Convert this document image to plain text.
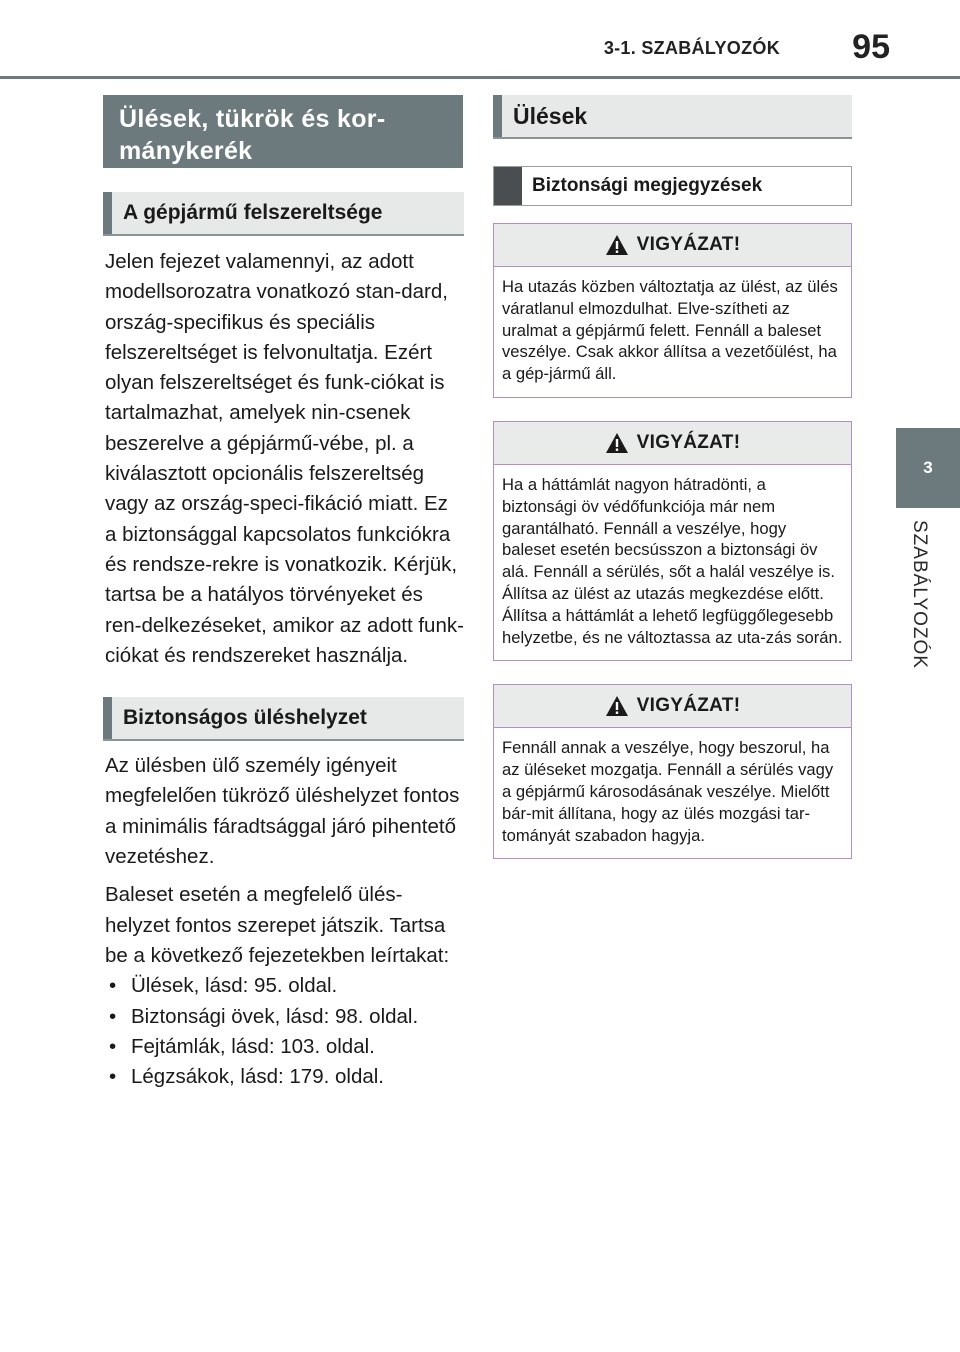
3-1. SZABÁLYOZÓK	95
3
SZABÁLYOZÓK
Ülések, tükrök és kor-mánykerék
A gépjármű felszereltsége

Jelen fejezet valamennyi, az adott modellsorozatra vonatkozó stan-dard, ország-specifikus és speciális felszereltséget is felvonultatja. Ezért olyan felszereltséget és funk-ciókat is tartalmazhat, amelyek nin-csenek beszerelve a gépjármű-vébe, pl. a kiválasztott opcionális felszereltség vagy az ország-speci-fikáció miatt. Ez a biztonsággal kapcsolatos funkciókra és rendsze-rekre is vonatkozik. Kérjük, tartsa be a hatályos törvényeket és ren-delkezéseket, amikor az adott funk-ciókat és rendszereket használja.

Biztonságos üléshelyzet

Az ülésben ülő személy igényeit megfelelően tükröző üléshelyzet fontos a minimális fáradtsággal járó pihentető vezetéshez.

Baleset esetén a megfelelő ülés-helyzet fontos szerepet játszik. Tartsa be a következő fejezetekben leírtakat:

• Ülések, lásd: 95. oldal.
• Biztonsági övek, lásd: 98. oldal.
• Fejtámlák, lásd: 103. oldal.
• Légzsákok, lásd: 179. oldal.
Ülések
Biztonsági megjegyzések
VIGYÁZAT!
Ha utazás közben változtatja az ülést, az ülés váratlanul elmozdulhat. Elve-szítheti az uralmat a gépjármű felett. Fennáll a baleset veszélye. Csak akkor állítsa a vezetőülést, ha a gép-jármű áll.
VIGYÁZAT!
Ha a háttámlát nagyon hátradönti, a biztonsági öv védőfunkciója már nem garantálható. Fennáll a veszélye, hogy baleset esetén becsússzon a biztonsági öv alá. Fennáll a sérülés, sőt a halál veszélye is. Állítsa az ülést az utazás megkezdése előtt. Állítsa a háttámlát a lehető legfüggőlegesebb helyzetbe, és ne változtassa az uta-zás során.
VIGYÁZAT!
Fennáll annak a veszélye, hogy beszorul, ha az üléseket mozgatja. Fennáll a sérülés vagy a gépjármű károsodásának veszélye. Mielőtt bár-mit állítana, hogy az ülés mozgási tar-tományát szabadon hagyja.
